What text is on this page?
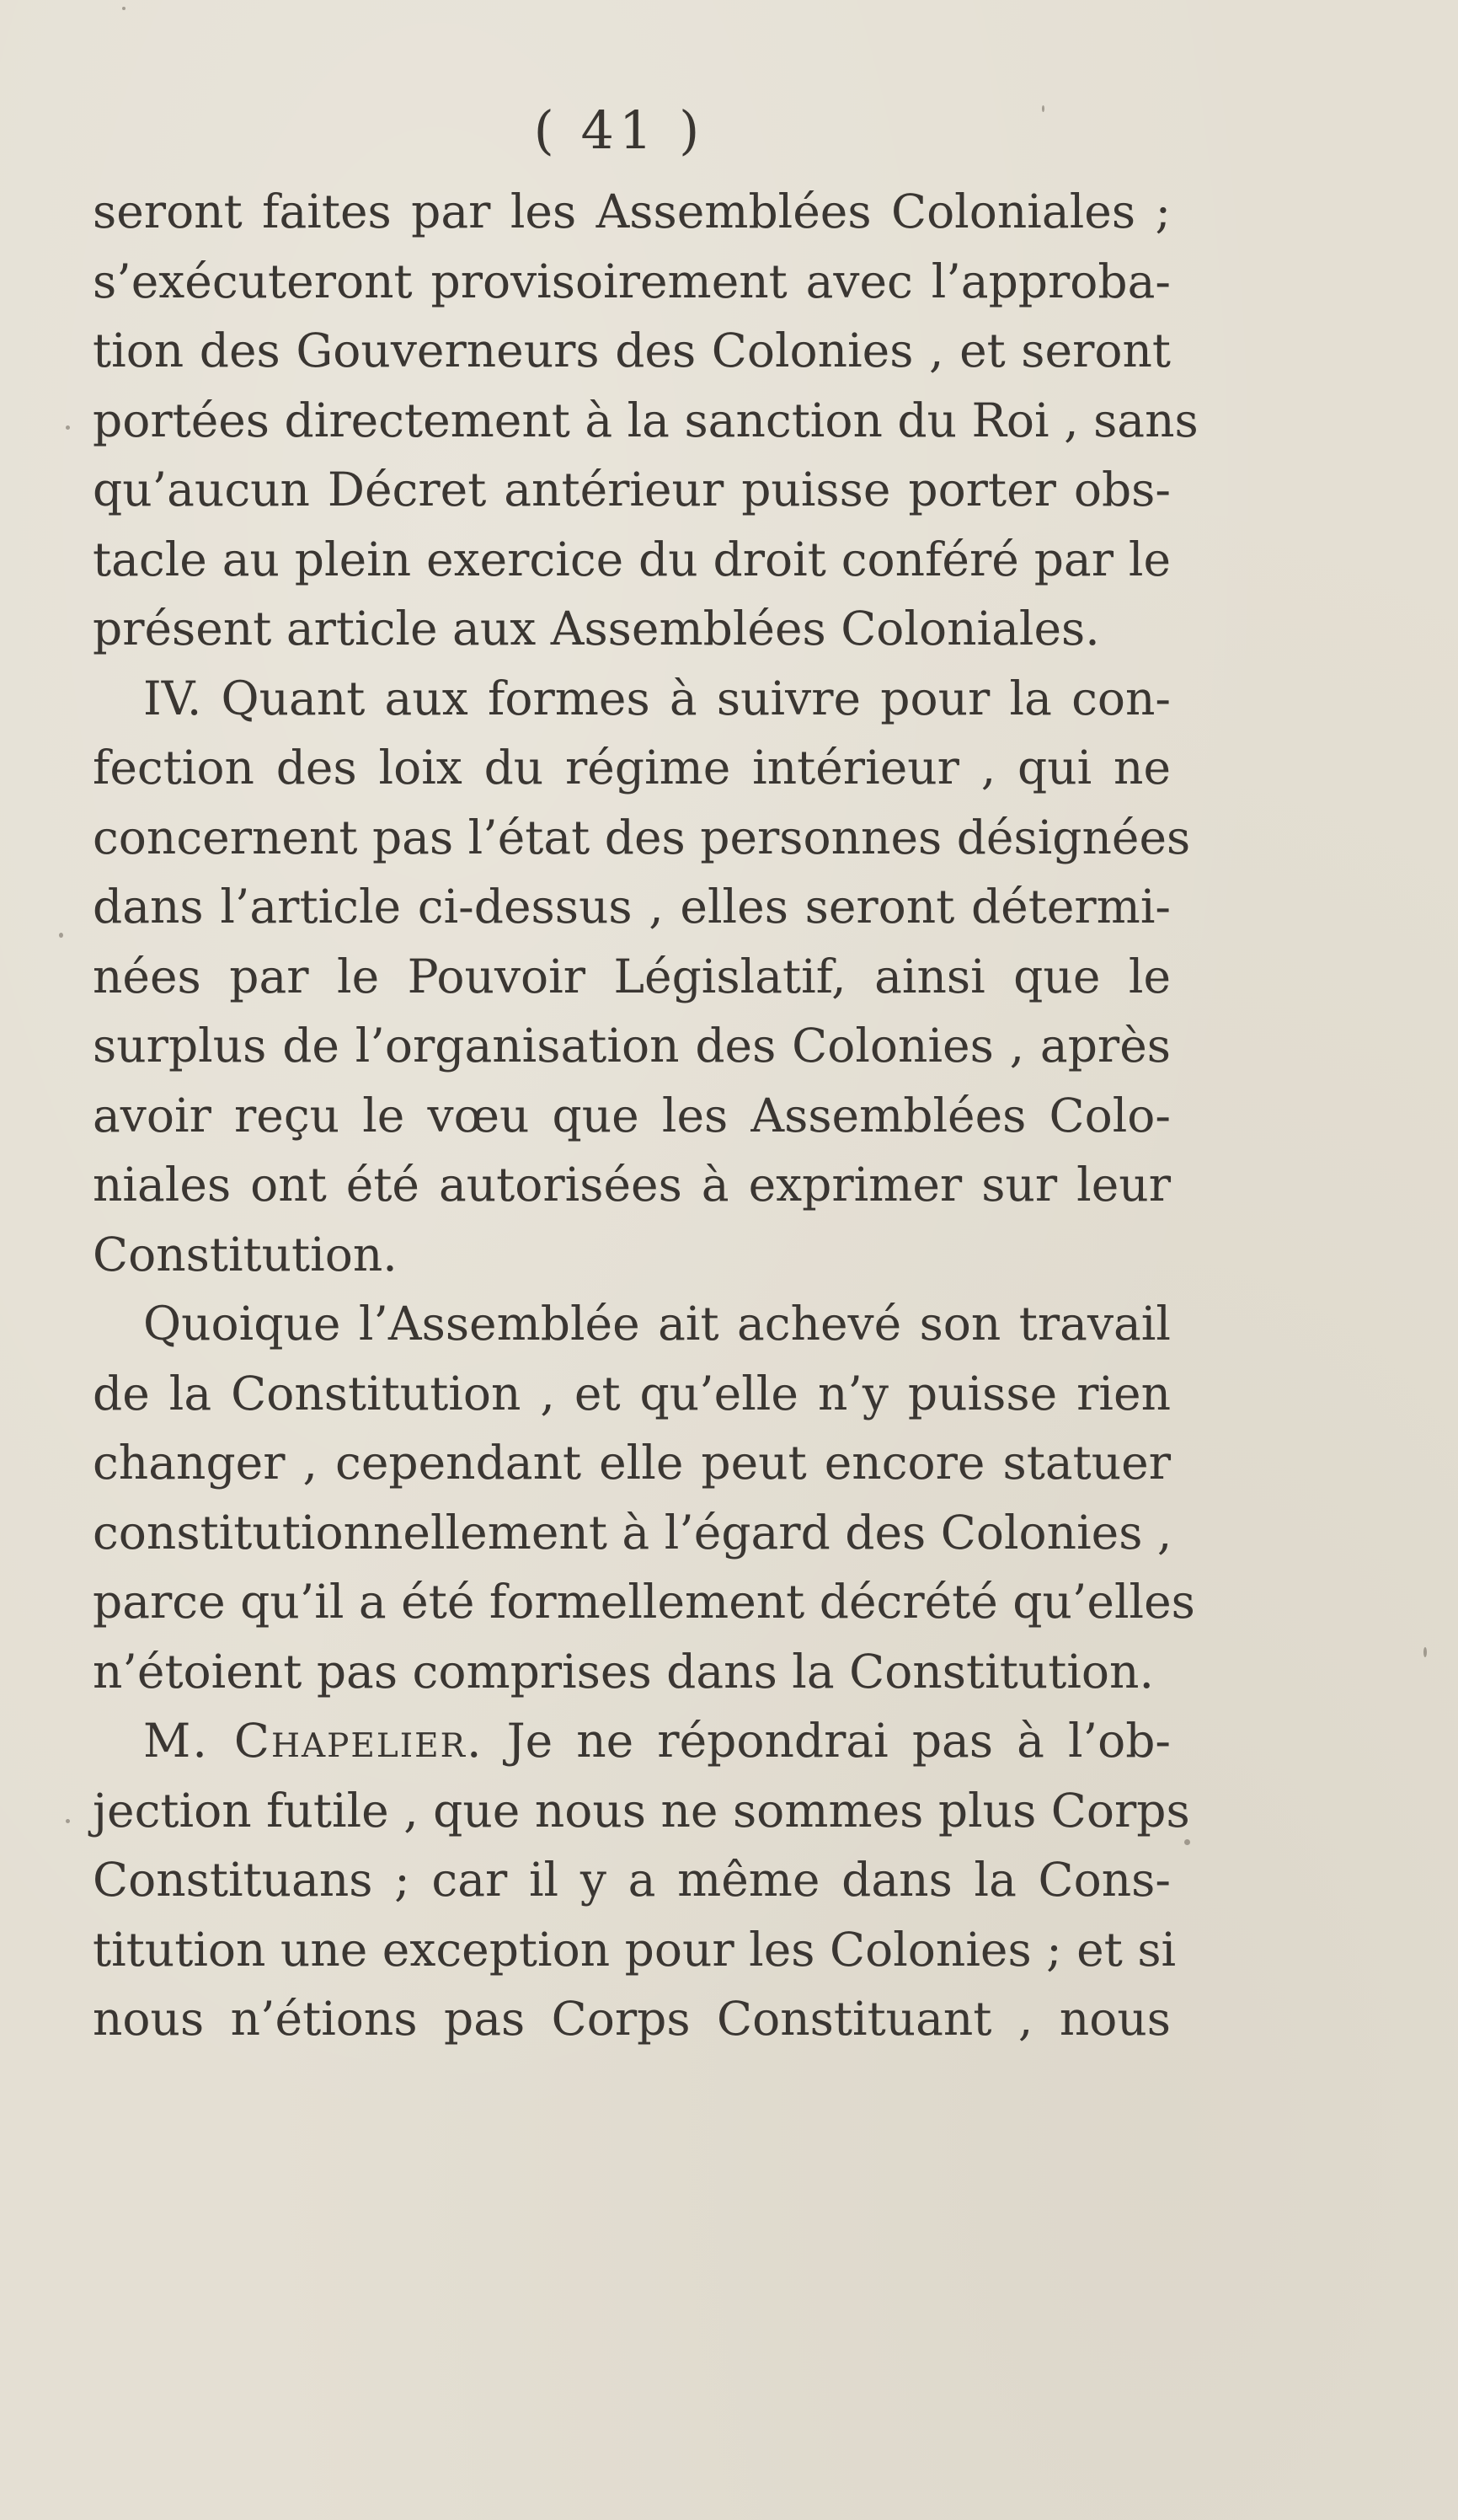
( 41 )
seront faites par les Assemblées Coloniales ;
s’exécuteront provisoirement avec l’approba-
tion des Gouverneurs des Colonies , et seront
portées directement à la sanction du Roi , sans
qu’aucun Décret antérieur puisse porter obs-
tacle au plein exercice du droit conféré par le
présent article aux Assemblées Coloniales.
IV. Quant aux formes à suivre pour la con-
fection des loix du régime intérieur , qui ne
concernent pas l’état des personnes désignées
dans l’article ci-dessus , elles seront détermi-
nées par le Pouvoir Législatif, ainsi que le
surplus de l’organisation des Colonies , après
avoir reçu le vœu que les Assemblées Colo-
niales ont été autorisées à exprimer sur leur
Constitution.
Quoique l’Assemblée ait achevé son travail
de la Constitution , et qu’elle n’y puisse rien
changer , cependant elle peut encore statuer
constitutionnellement à l’égard des Colonies ,
parce qu’il a été formellement décrété qu’elles
n’étoient pas comprises dans la Constitution.
M. Chapelier. Je ne répondrai pas à l’ob-
jection futile , que nous ne sommes plus Corps
Constituans ; car il y a même dans la Cons-
titution une exception pour les Colonies ; et si
nous n’étions pas Corps Constituant , nous
